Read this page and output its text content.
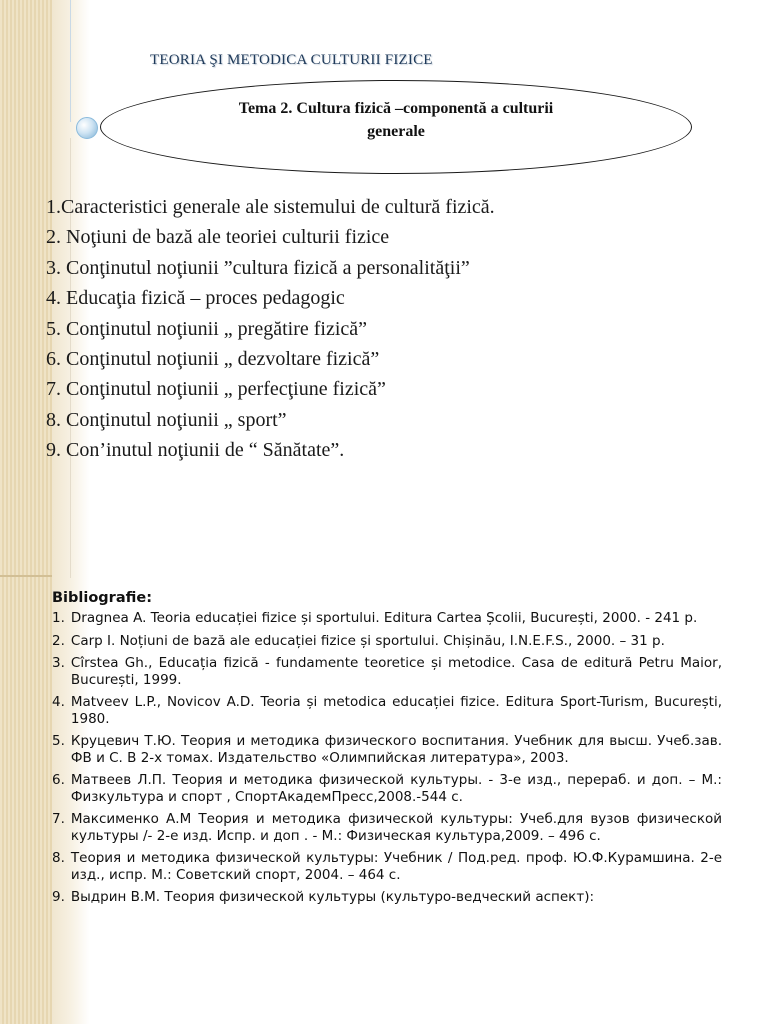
TEORIA ŞI METODICA CULTURII FIZICE
Tema 2. Cultura fizică –componentă a culturii
generale
1.Caracteristici generale ale sistemului de cultură fizică.
2. Noţiuni de bază ale teoriei culturii fizice
3. Conţinutul noţiunii ”cultura fizică a personalităţii”
4. Educaţia fizică – proces pedagogic
5. Conţinutul noţiunii „ pregătire fizică”
6. Conţinutul noţiunii „ dezvoltare fizică”
7. Conţinutul noţiunii „ perfecţiune fizică”
8. Conţinutul noţiunii „ sport”
9. Con’inutul noţiunii de “ Sănătate”.
Bibliografie:
1. Dragnea A. Teoria educației fizice și sportului. Editura Cartea Școlii, București, 2000. - 241 p.
2. Carp I. Noțiuni de bază ale educației fizice și sportului. Chișinău, I.N.E.F.S., 2000. – 31 p.
3. Cîrstea Gh., Educația fizică - fundamente teoretice și metodice. Casa de editură Petru Maior, București, 1999.
4. Matveev L.P., Novicov A.D. Teoria și metodica educației fizice. Editura Sport-Turism, București, 1980.
5. Круцевич Т.Ю. Теория и методика физического воспитания. Учебник для высш. Учеб.зав. ФВ и С. В 2-х томах. Издательство «Олимпийская литература», 2003.
6. Матвеев Л.П. Теория и методика физической культуры. - 3-е изд., перераб. и доп. – М.: Физкультура и спорт , СпортАкадемПресс,2008.-544 с.
7. Максименко А.М Теория и методика физической культуры: Учеб.для вузов физической культуры /- 2-е изд. Испр. и доп . - М.: Физическая культура,2009. – 496 с.
8. Теория и методика физической культуры: Учебник / Под.ред. проф. Ю.Ф.Курамшина. 2-е изд., испр. М.: Советский спорт, 2004. – 464 с.
9. Выдрин В.М. Теория физической культуры (культуро-ведческий аспект):
